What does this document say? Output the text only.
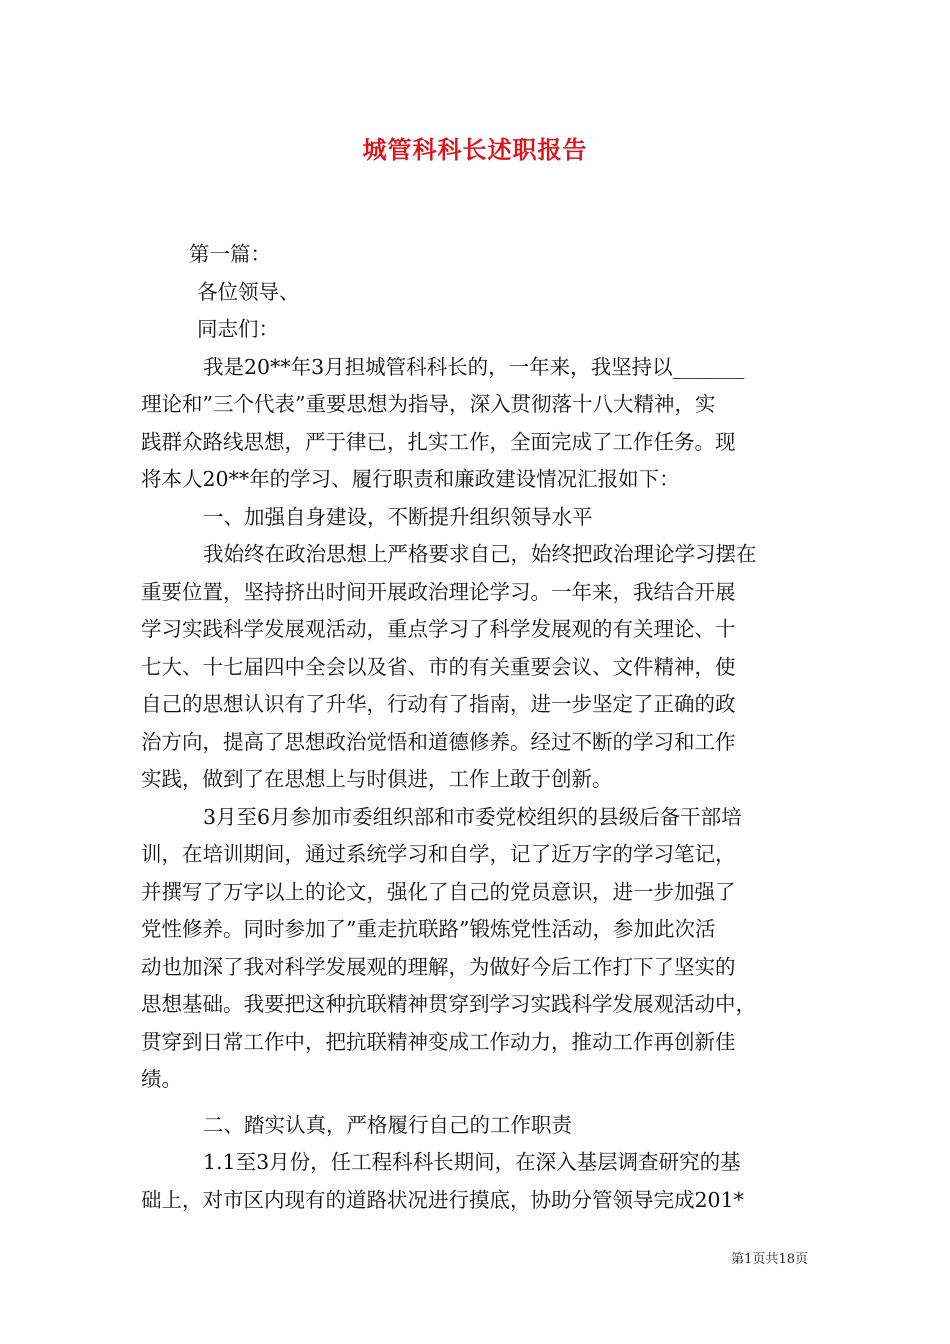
城管科科长述职报告
第一篇：
各位领导、
同志们：
我是20**年3月担城管科科长的，一年来，我坚持以_______
理论和”三个代表”重要思想为指导，深入贯彻落十八大精神，实
践群众路线思想，严于律已，扎实工作，全面完成了工作任务。现
将本人20**年的学习、履行职责和廉政建设情况汇报如下：
一、加强自身建设，不断提升组织领导水平
我始终在政治思想上严格要求自己，始终把政治理论学习摆在
重要位置，坚持挤出时间开展政治理论学习。一年来，我结合开展
学习实践科学发展观活动，重点学习了科学发展观的有关理论、十
七大、十七届四中全会以及省、市的有关重要会议、文件精神，使
自己的思想认识有了升华，行动有了指南，进一步坚定了正确的政
治方向，提高了思想政治觉悟和道德修养。经过不断的学习和工作
实践，做到了在思想上与时俱进，工作上敢于创新。
3月至6月参加市委组织部和市委党校组织的县级后备干部培
训，在培训期间，通过系统学习和自学，记了近万字的学习笔记，
并撰写了万字以上的论文，强化了自己的党员意识，进一步加强了
党性修养。同时参加了”重走抗联路”锻炼党性活动，参加此次活
动也加深了我对科学发展观的理解，为做好今后工作打下了坚实的
思想基础。我要把这种抗联精神贯穿到学习实践科学发展观活动中，
贯穿到日常工作中，把抗联精神变成工作动力，推动工作再创新佳
绩。
二、踏实认真，严格履行自己的工作职责
1.1至3月份，任工程科科长期间，在深入基层调查研究的基
础上，对市区内现有的道路状况进行摸底，协助分管领导完成201*
第1页共18页
